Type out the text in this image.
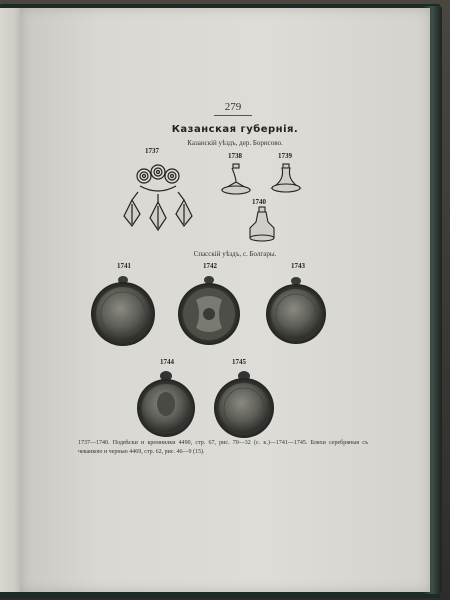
279
Казанская губернія.
Казанскій уѣздъ, дер. Борисово.
1737
1738	1739
1740
Спасскій уѣздъ, с. Болгары.
1741	1742	1743
1744	1745
1737—1740. Подвѣски и кремнилки 4490, стр. 67, рис. 70—32 (с. к.)—1741—1745. Бляхи серебряныя съ чеканкою и чернью 4469, стр. 62, рис. 46—9 (15).
